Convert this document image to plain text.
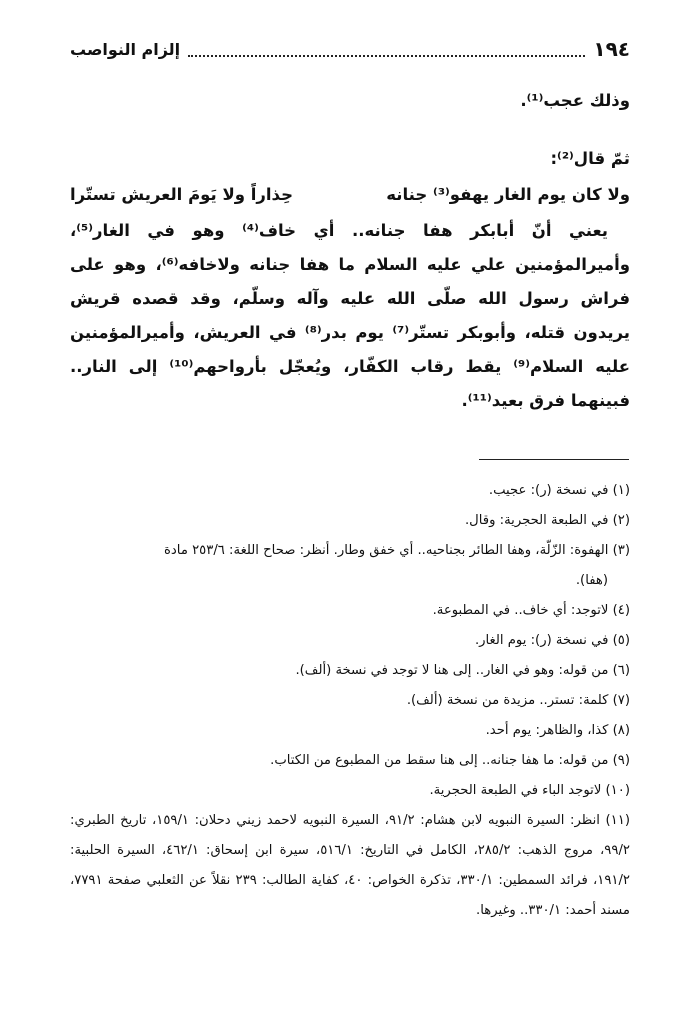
إلزام النواصب	١٩٤

وذلك عجب⁽¹⁾.

ثمّ قال⁽²⁾:

ولا كان يوم الغار يهفو⁽³⁾ جنانه
حِذاراً ولا يَومَ العريش تستّرا

يعني أنّ أبابكر هفا جنانه.. أي خاف⁽⁴⁾ وهو في الغار⁽⁵⁾، وأميرالمؤمنين علي عليه السلام ما هفا جنانه ولاخافه⁽⁶⁾، وهو على فراش رسول الله صلّى الله عليه وآله وسلّم، وقد قصده قريش يريدون قتله، وأبوبكر تستّر⁽⁷⁾ يوم بدر⁽⁸⁾ في العريش، وأميرالمؤمنين عليه السلام⁽⁹⁾ يقط رقاب الكفّار، ويُعجّل بأرواحهم⁽¹⁰⁾ إلى النار.. فبينهما فرق بعيد⁽¹¹⁾.

(١) في نسخة (ر): عجيب.

(٢) في الطبعة الحجرية: وقال.

(٣) الهفوة: الزّلّة، وهفا الطائر بجناحيه.. أي خفق وطار. أنظر: صحاح اللغة: ٢٥٣/٦ مادة

(هفا).

(٤) لاتوجد: أي خاف.. في المطبوعة.

(٥) في نسخة (ر): يوم الغار.

(٦) من قوله: وهو في الغار.. إلى هنا لا توجد في نسخة (ألف).

(٧) كلمة: تستر.. مزيدة من نسخة (ألف).

(٨) كذا، والظاهر: يوم أحد.

(٩) من قوله: ما هفا جنانه.. إلى هنا سقط من المطبوع من الكتاب.

(١٠) لاتوجد الباء في الطبعة الحجرية.

(١١) انظر: السيرة النبويه لابن هشام: ٩١/٢، السيرة النبويه لاحمد زيني دحلان: ١٥٩/١، تاريخ الطبري: ٩٩/٢، مروج الذهب: ٢٨٥/٢، الكامل في التاريخ: ٥١٦/١، سيرة ابن إسحاق: ٤٦٢/١، السيرة الحلبية: ١٩١/٢، فرائد السمطين: ٣٣٠/١، تذكرة الخواص: ٤٠، كفاية الطالب: ٢٣٩ نقلاً عن الثعلبي صفحة ٧٧٩١، مسند أحمد: ٣٣٠/١.. وغيرها.
